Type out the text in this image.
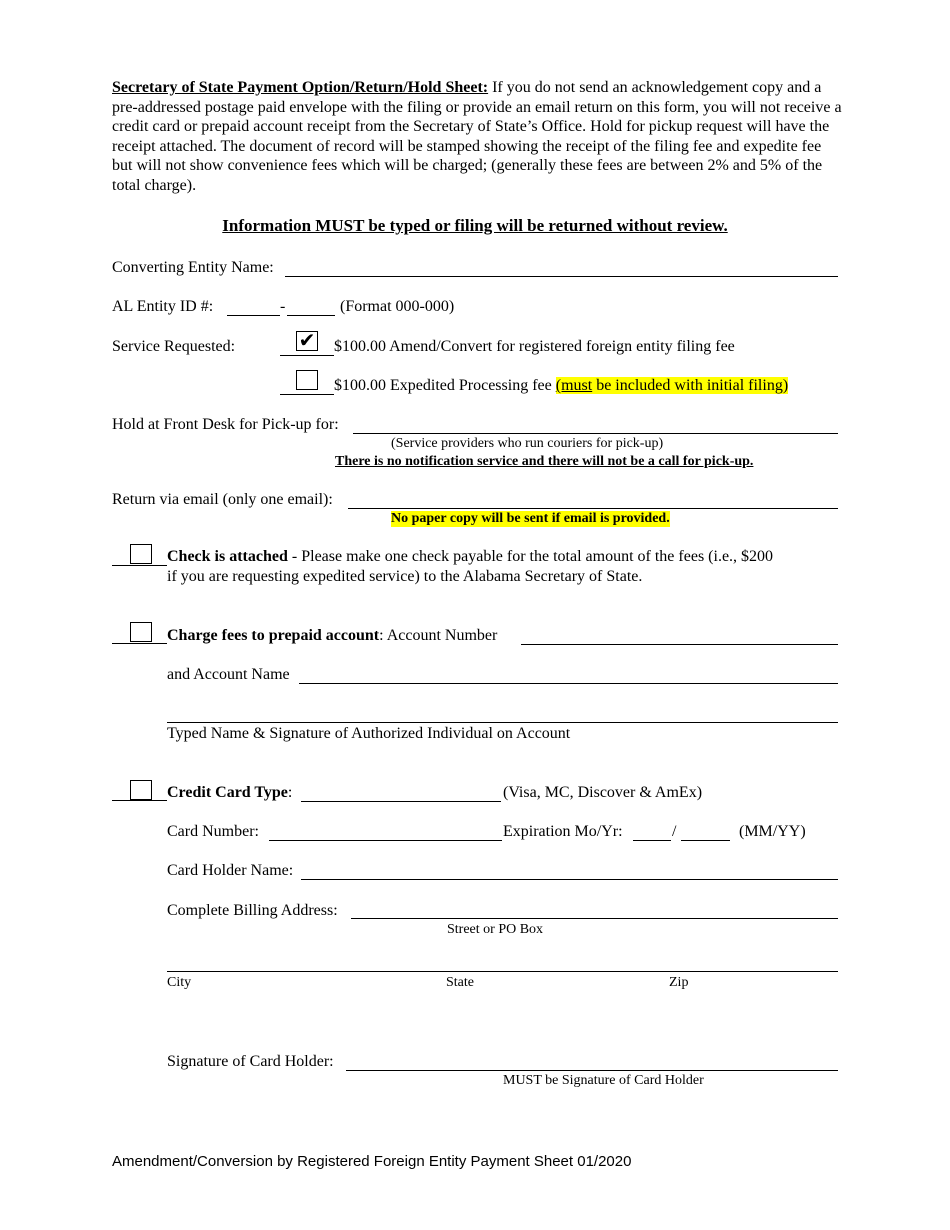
Secretary of State Payment Option/Return/Hold Sheet: If you do not send an acknowledgement copy and a pre-addressed postage paid envelope with the filing or provide an email return on this form, you will not receive a credit card or prepaid account receipt from the Secretary of State’s Office. Hold for pickup request will have the receipt attached. The document of record will be stamped showing the receipt of the filing fee and expedite fee but will not show convenience fees which will be charged; (generally these fees are between 2% and 5% of the total charge).
Information MUST be typed or filing will be returned without review.
Converting Entity Name:
AL Entity ID #:	-	(Format 000-000)
Service Requested:	✔ $100.00 Amend/Convert for registered foreign entity filing fee
$100.00 Expedited Processing fee (must be included with initial filing)
Hold at Front Desk for Pick-up for:
(Service providers who run couriers for pick-up)
There is no notification service and there will not be a call for pick-up.
Return via email (only one email):
No paper copy will be sent if email is provided.
Check is attached - Please make one check payable for the total amount of the fees (i.e., $200
if you are requesting expedited service) to the Alabama Secretary of State.
Charge fees to prepaid account: Account Number
and Account Name
Typed Name & Signature of Authorized Individual on Account
Credit Card Type:	(Visa, MC, Discover & AmEx)
Card Number:	Expiration Mo/Yr:	/	(MM/YY)
Card Holder Name:
Complete Billing Address:
Street or PO Box
City	State	Zip
Signature of Card Holder:
MUST be Signature of Card Holder
Amendment/Conversion by Registered Foreign Entity Payment Sheet 01/2020
